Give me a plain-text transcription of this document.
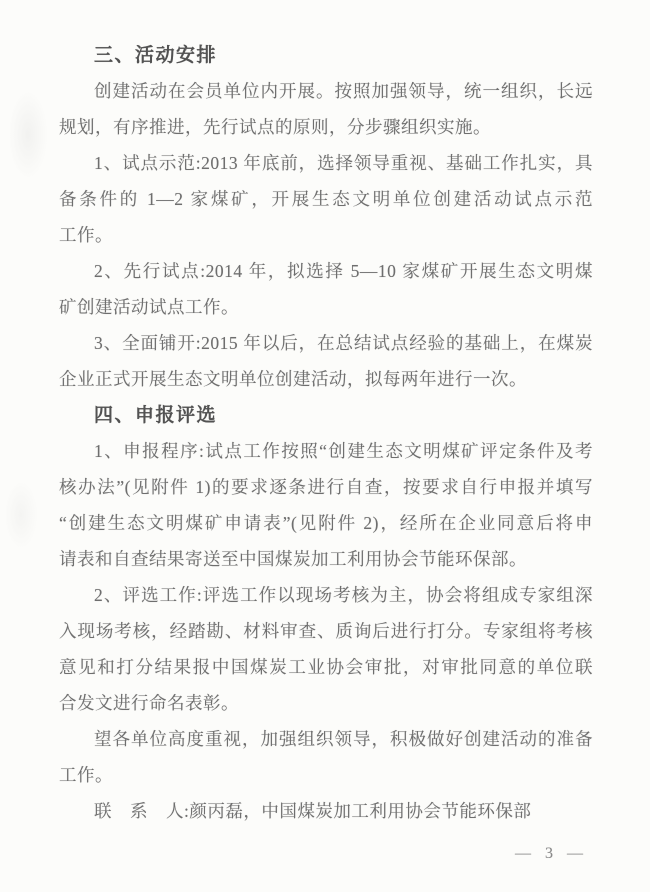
三、活动安排
创建活动在会员单位内开展。按照加强领导，统一组织，长远
规划，有序推进，先行试点的原则，分步骤组织实施。
1、试点示范:2013 年底前，选择领导重视、基础工作扎实，具
备条件的 1—2 家煤矿，开展生态文明单位创建活动试点示范
工作。
2、先行试点:2014 年，拟选择 5—10 家煤矿开展生态文明煤
矿创建活动试点工作。
3、全面铺开:2015 年以后，在总结试点经验的基础上，在煤炭
企业正式开展生态文明单位创建活动，拟每两年进行一次。
四、申报评选
1、申报程序:试点工作按照“创建生态文明煤矿评定条件及考
核办法”(见附件 1)的要求逐条进行自查，按要求自行申报并填写
“创建生态文明煤矿申请表”(见附件 2)，经所在企业同意后将申
请表和自查结果寄送至中国煤炭加工利用协会节能环保部。
2、评选工作:评选工作以现场考核为主，协会将组成专家组深
入现场考核，经踏勘、材料审查、质询后进行打分。专家组将考核
意见和打分结果报中国煤炭工业协会审批，对审批同意的单位联
合发文进行命名表彰。
望各单位高度重视，加强组织领导，积极做好创建活动的准备
工作。
联　系　人:颜丙磊，中国煤炭加工利用协会节能环保部
— 3 —
